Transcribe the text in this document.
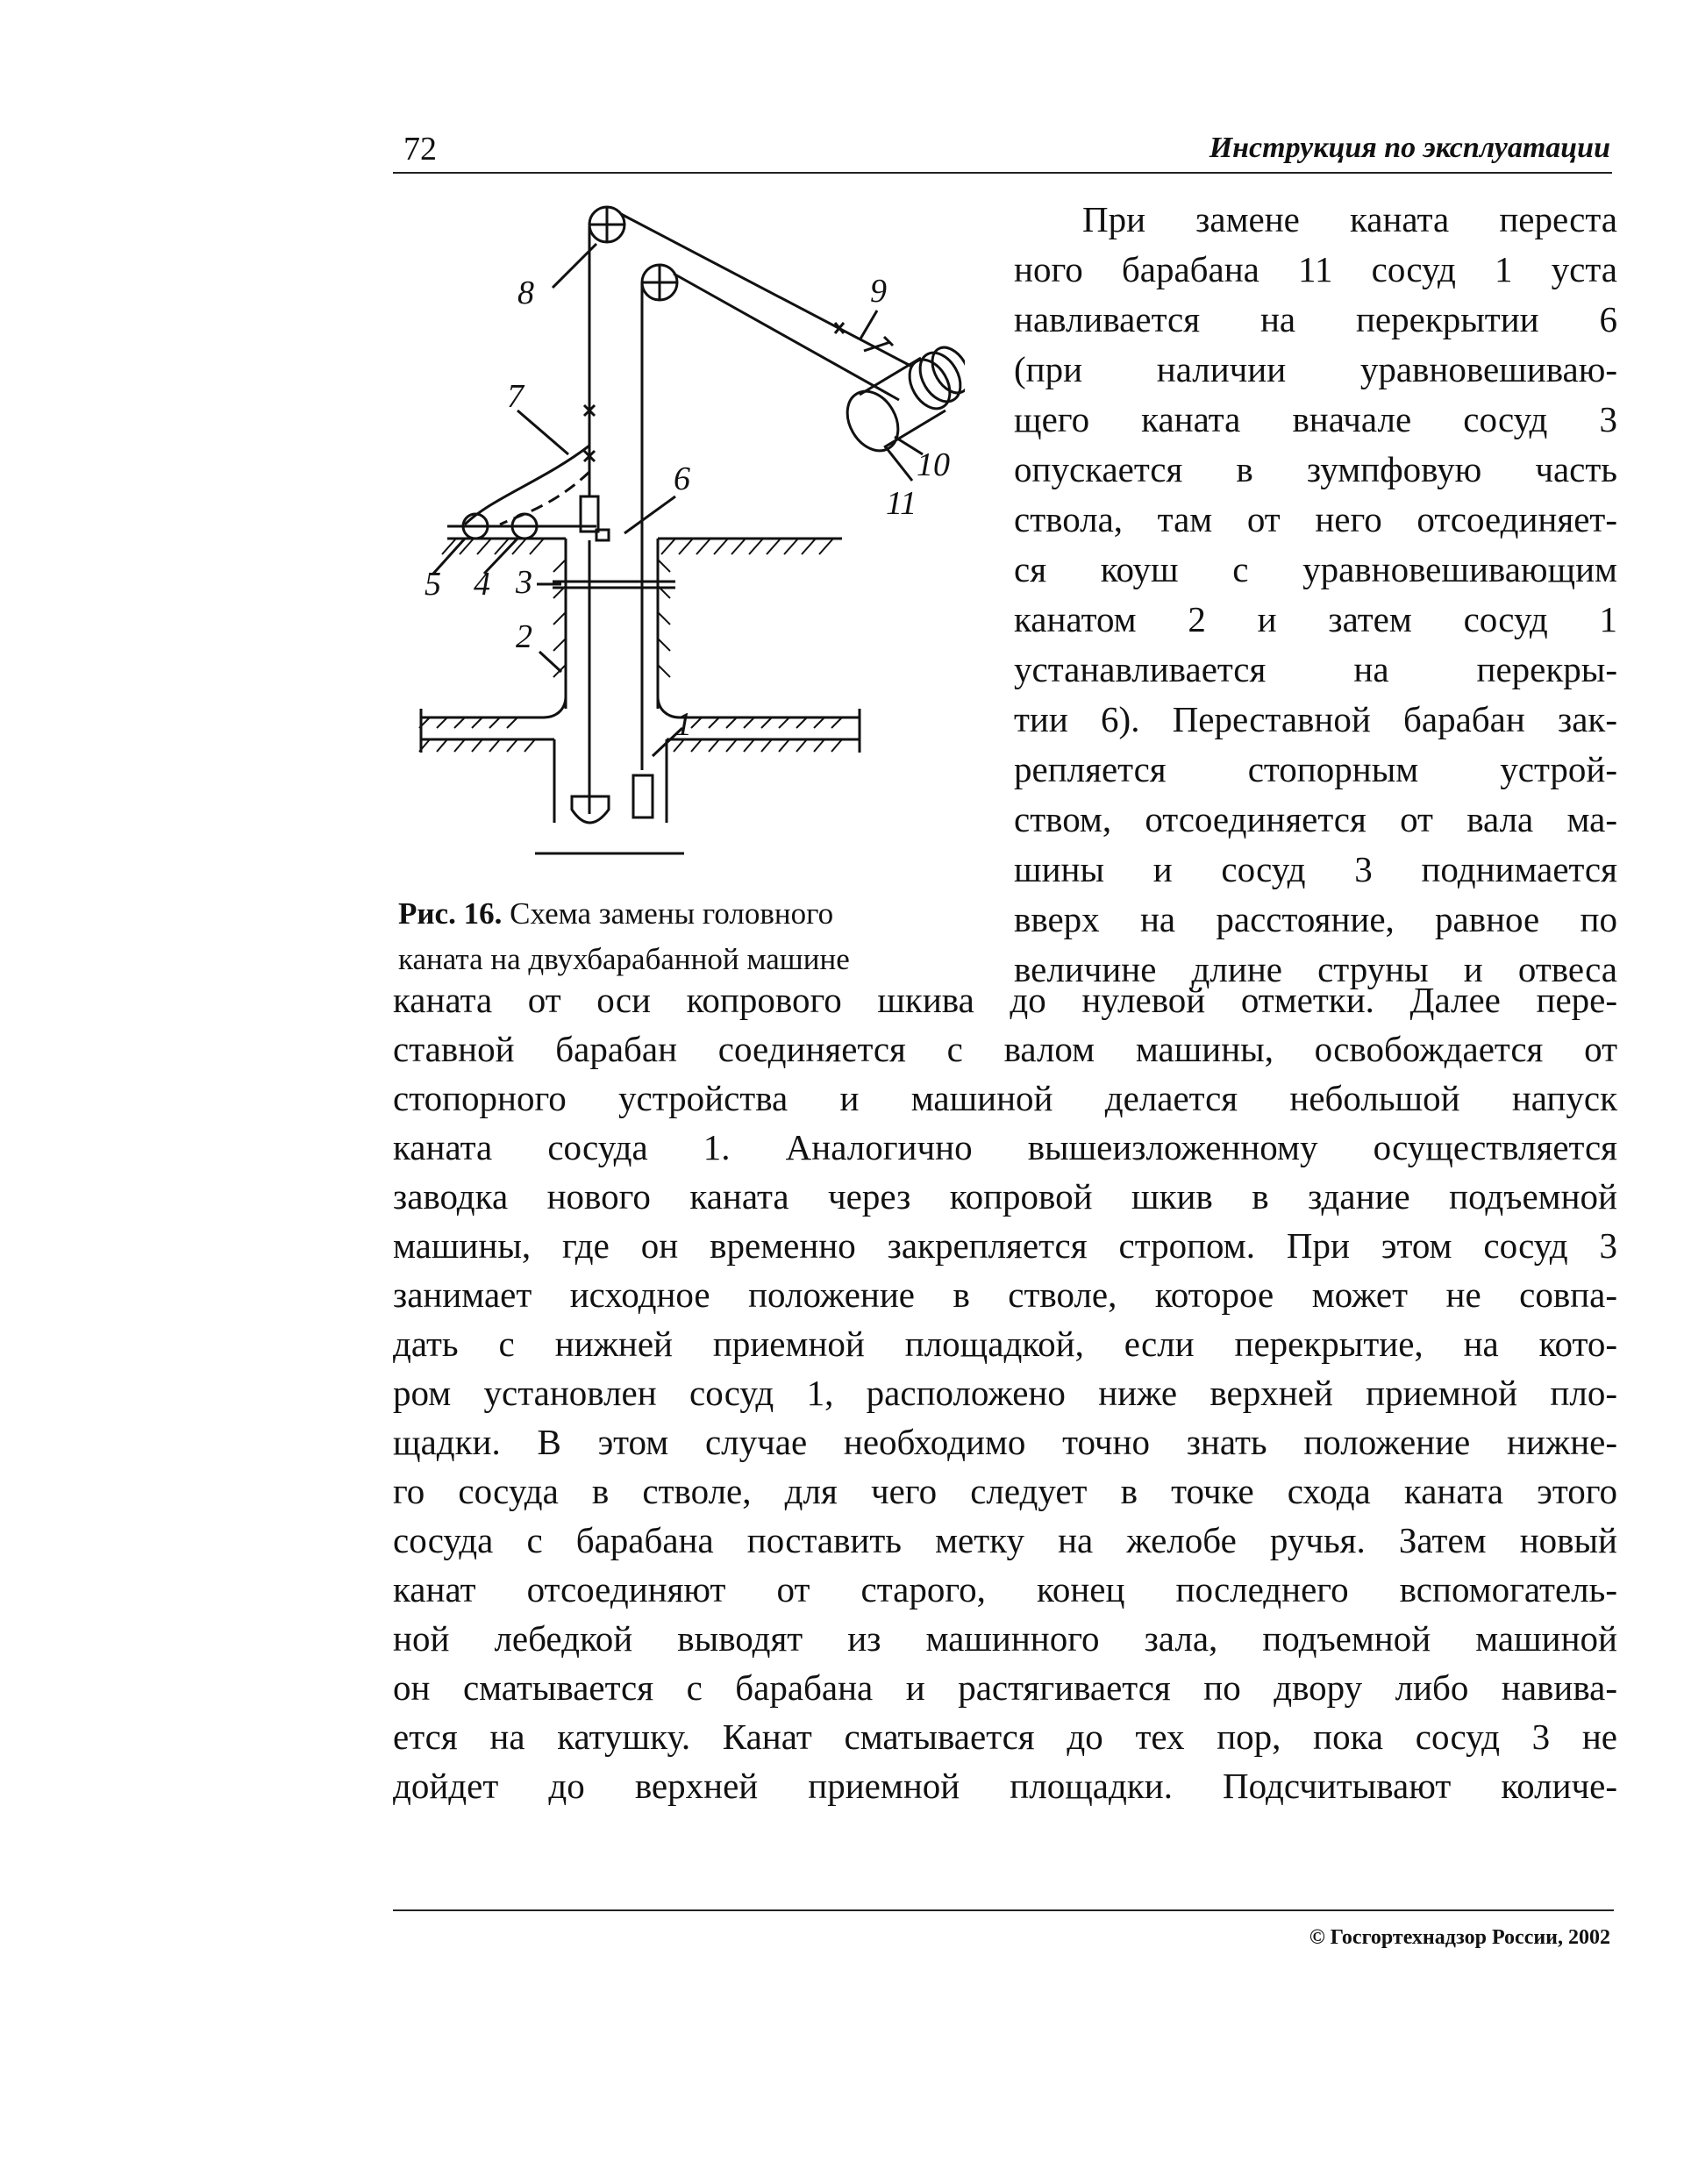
72	Инструкция по эксплуатации
1
2
3
4
5
6
7
8	9
10
11
Рис. 16. Схема замены головного
каната на двухбарабанной машине
При замене каната переста
ного барабана 11 сосуд 1 уста
навливается на перекрытии 6
(при наличии уравновешиваю-
щего каната вначале сосуд 3
опускается в зумпфовую часть
ствола, там от него отсоединяет-
ся коуш с уравновешивающим
канатом 2 и затем сосуд 1
устанавливается на перекры-
тии 6). Переставной барабан зак-
репляется стопорным устрой-
ством, отсоединяется от вала ма-
шины и сосуд 3 поднимается
вверх на расстояние, равное по
величине длине струны и отвеса
каната от оси копрового шкива до нулевой отметки. Далее пере-
ставной барабан соединяется с валом машины, освобождается от
стопорного устройства и машиной делается небольшой напуск
каната сосуда 1. Аналогично вышеизложенному осуществляется
заводка нового каната через копровой шкив в здание подъемной
машины, где он временно закрепляется стропом. При этом сосуд 3
занимает исходное положение в стволе, которое может не совпа-
дать с нижней приемной площадкой, если перекрытие, на кото-
ром установлен сосуд 1, расположено ниже верхней приемной пло-
щадки. В этом случае необходимо точно знать положение нижне-
го сосуда в стволе, для чего следует в точке схода каната этого
сосуда с барабана поставить метку на желобе ручья. Затем новый
канат отсоединяют от старого, конец последнего вспомогатель-
ной лебедкой выводят из машинного зала, подъемной машиной
он сматывается с барабана и растягивается по двору либо навива-
ется на катушку. Канат сматывается до тех пор, пока сосуд 3 не
дойдет до верхней приемной площадки. Подсчитывают количе-
© Госгортехнадзор России, 2002
